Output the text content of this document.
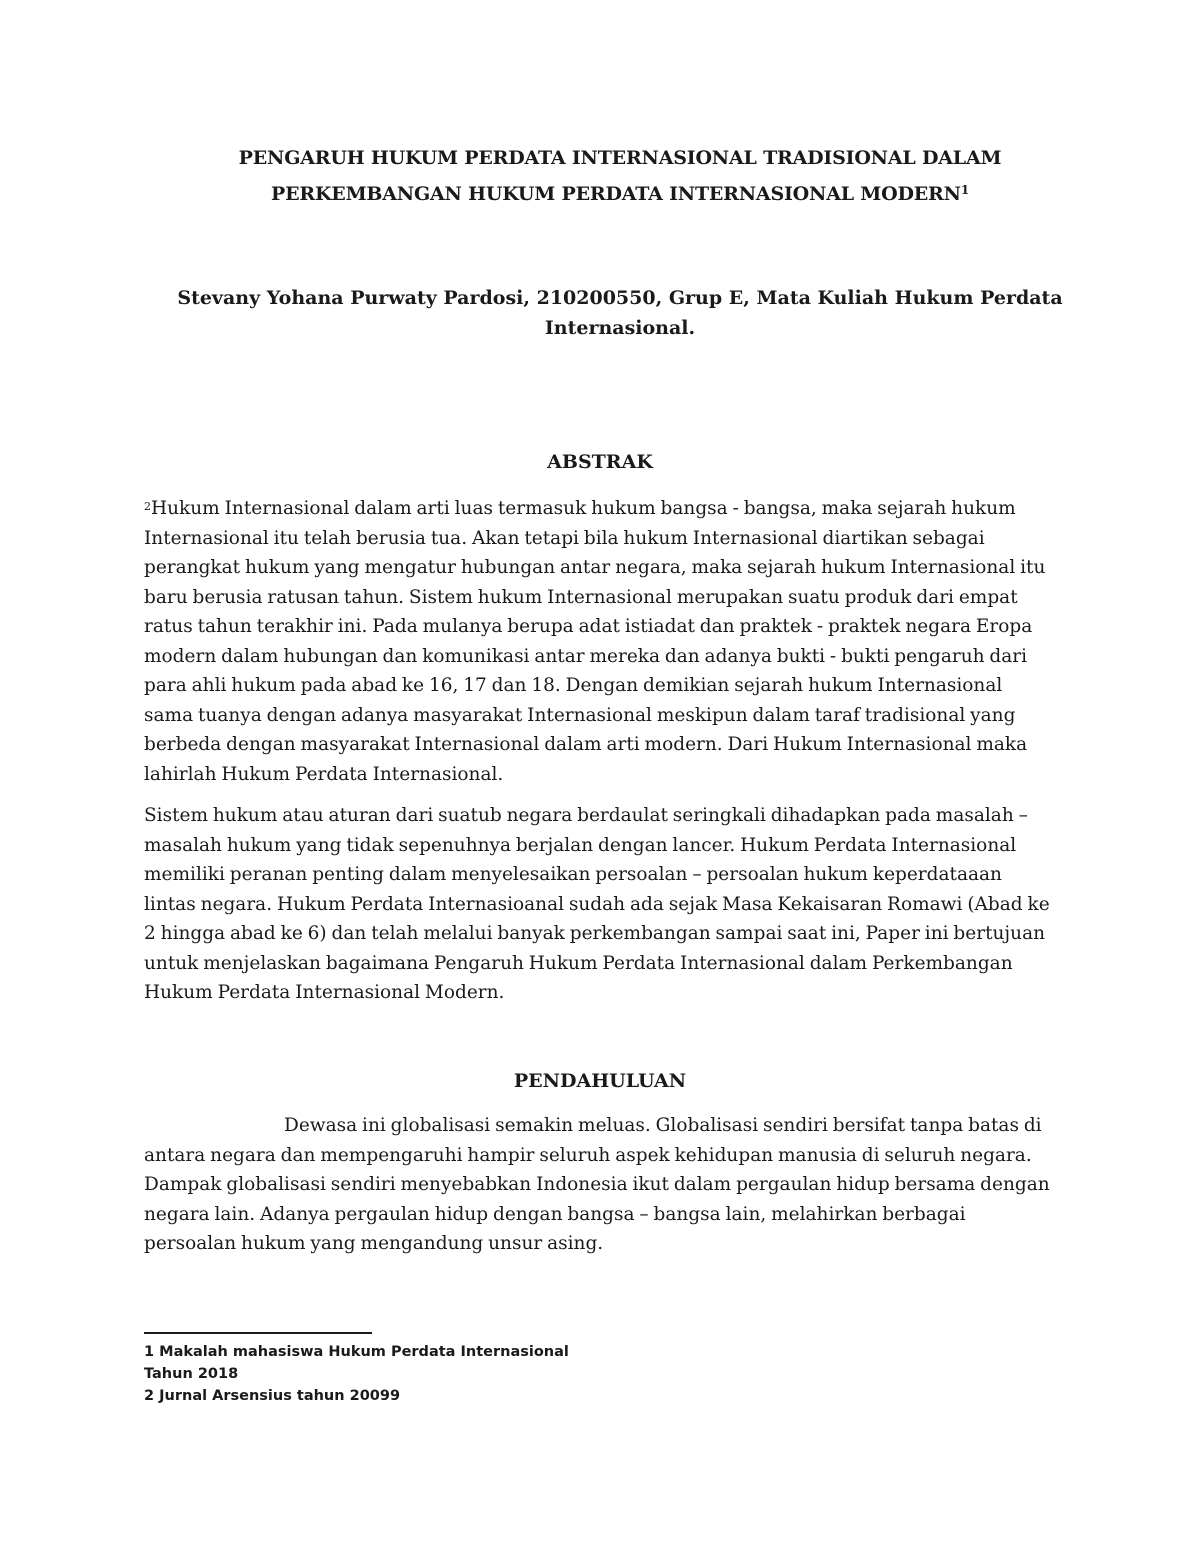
PENGARUH HUKUM PERDATA INTERNASIONAL TRADISIONAL DALAM
PERKEMBANGAN HUKUM PERDATA INTERNASIONAL MODERN$^1$
Stevany Yohana Purwaty Pardosi, 210200550, Grup E, Mata Kuliah Hukum Perdata
Internasional.
ABSTRAK

$^2$Hukum Internasional dalam arti luas termasuk hukum bangsa - bangsa, maka sejarah hukum Internasional itu telah berusia tua. Akan tetapi bila hukum Internasional diartikan sebagai perangkat hukum yang mengatur hubungan antar negara, maka sejarah hukum Internasional itu baru berusia ratusan tahun. Sistem hukum Internasional merupakan suatu produk dari empat ratus tahun terakhir ini. Pada mulanya berupa adat istiadat dan praktek - praktek negara Eropa modern dalam hubungan dan komunikasi antar mereka dan adanya bukti - bukti pengaruh dari para ahli hukum pada abad ke 16, 17 dan 18. Dengan demikian sejarah hukum Internasional sama tuanya dengan adanya masyarakat Internasional meskipun dalam taraf tradisional yang berbeda dengan masyarakat Internasional dalam arti modern. Dari Hukum Internasional maka lahirlah Hukum Perdata Internasional.

Sistem hukum atau aturan dari suatub negara berdaulat seringkali dihadapkan pada masalah – masalah hukum yang tidak sepenuhnya berjalan dengan lancer. Hukum Perdata Internasional memiliki peranan penting dalam menyelesaikan persoalan – persoalan hukum keperdataaan lintas negara. Hukum Perdata Internasioanal sudah ada sejak Masa Kekaisaran Romawi (Abad ke 2 hingga abad ke 6) dan telah melalui banyak perkembangan sampai saat ini, Paper ini bertujuan untuk menjelaskan bagaimana Pengaruh Hukum Perdata Internasional dalam Perkembangan Hukum Perdata Internasional Modern.

PENDAHULUAN

Dewasa ini globalisasi semakin meluas. Globalisasi sendiri bersifat tanpa batas di antara negara dan mempengaruhi hampir seluruh aspek kehidupan manusia di seluruh negara. Dampak globalisasi sendiri menyebabkan Indonesia ikut dalam pergaulan hidup bersama dengan negara lain. Adanya pergaulan hidup dengan bangsa – bangsa lain, melahirkan berbagai persoalan hukum yang mengandung unsur asing.

1 Makalah mahasiswa Hukum Perdata Internasional
Tahun 2018
2 Jurnal Arsensius tahun 20099
